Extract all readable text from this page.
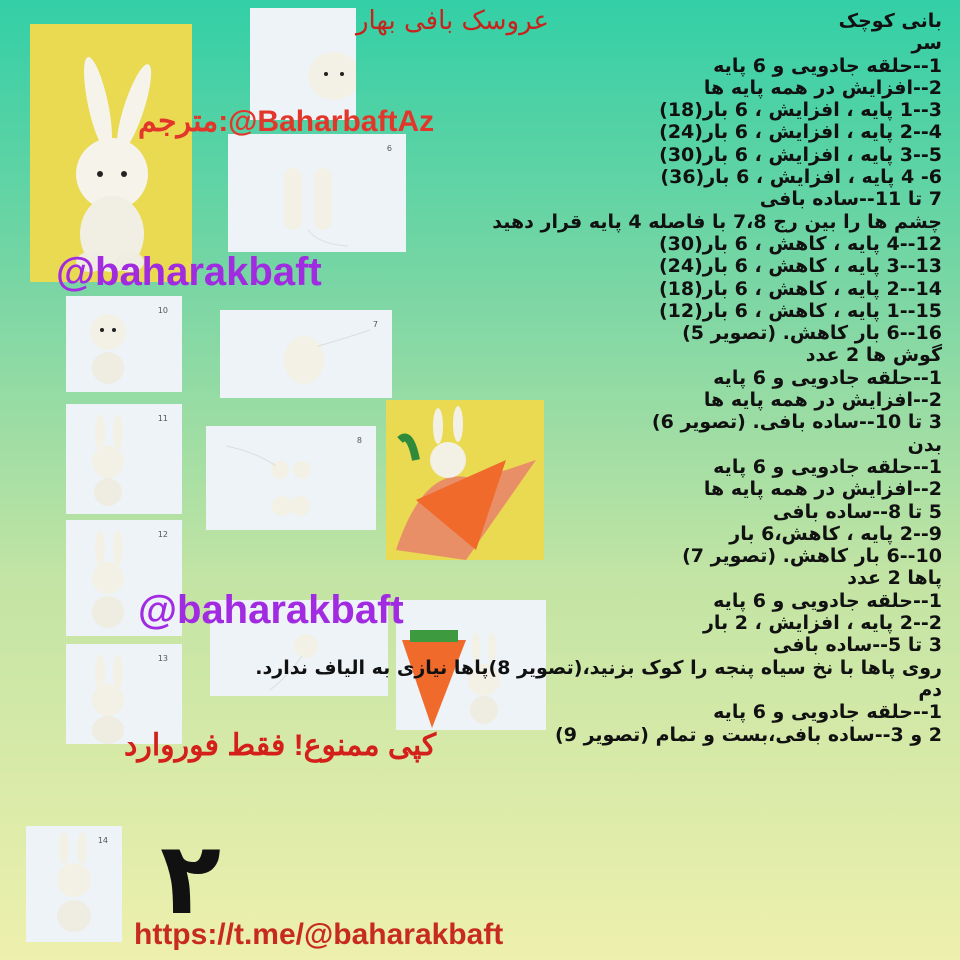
6
10
7
11
8
12
13
14
عروسک بافی بهار
مترجم:@BaharbaftAz
@baharakbaft
@baharakbaft
کپی ممنوع! فقط فوروارد
۲
https://t.me/@baharakbaft
بانی کوچک
سر
1--حلقه جادویی و 6 پایه
2--افزایش در همه پایه ها
3--1 پایه ، افزایش ، 6 بار(18)
4--2 پایه ، افزایش ، 6 بار(24)
5--3 پایه ، افزایش ، 6 بار(30)
6- 4 پایه ، افزایش ، 6 بار(36)
7 تا 11--ساده بافی
چشم ها را بین رج 7،8 با فاصله 4 پایه قرار دهید
12--4 پایه ، کاهش ، 6 بار(30)
13--3 پایه ، کاهش ، 6 بار(24)
14--2 پایه ، کاهش ، 6 بار(18)
15--1 پایه ، کاهش ، 6 بار(12)
16--6 بار کاهش. (تصویر 5)
گوش ها 2 عدد
1--حلقه جادویی و 6 پایه
2--افزایش در همه پایه ها
3 تا 10--ساده بافی. (تصویر 6)
بدن
1--حلقه جادویی و 6 پایه
2--افزایش در همه پایه ها
5 تا 8--ساده بافی
9--2 پایه ، کاهش،6 بار
10--6 بار کاهش. (تصویر 7)
پاها 2 عدد
1--حلقه جادویی و 6 پایه
2--2 پایه ، افزایش ، 2 بار
3 تا 5--ساده بافی
روی پاها با نخ سیاه پنجه را کوک بزنید،(تصویر 8)پاها نیازی به الیاف ندارد.
دم
1--حلقه جادویی و 6 پایه
2 و 3--ساده بافی،بست و تمام (تصویر 9)
